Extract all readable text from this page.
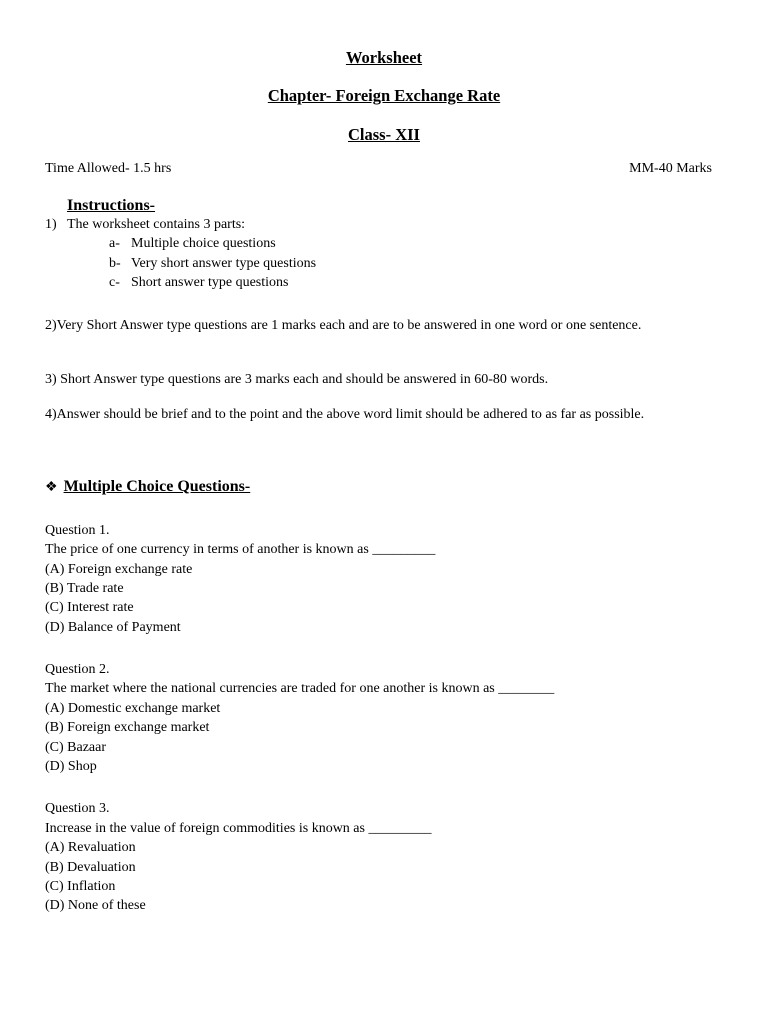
Worksheet
Chapter- Foreign Exchange Rate
Class- XII
Time Allowed- 1.5 hrs	MM-40 Marks
Instructions-
1) The worksheet contains 3 parts:
a- Multiple choice questions
b- Very short answer type questions
c- Short answer type questions
2)Very Short Answer type questions are 1 marks each and are to be answered in one word or one sentence.
3) Short Answer type questions are 3 marks each and should be answered in 60-80 words.
4)Answer should be brief and to the point and the above word limit should be adhered to as far as possible.
❖ Multiple Choice Questions-
Question 1.
The price of one currency in terms of another is known as _________
(A) Foreign exchange rate
(B) Trade rate
(C) Interest rate
(D) Balance of Payment
Question 2.
The market where the national currencies are traded for one another is known as ________
(A) Domestic exchange market
(B) Foreign exchange market
(C) Bazaar
(D) Shop
Question 3.
Increase in the value of foreign commodities is known as _________
(A) Revaluation
(B) Devaluation
(C) Inflation
(D) None of these
